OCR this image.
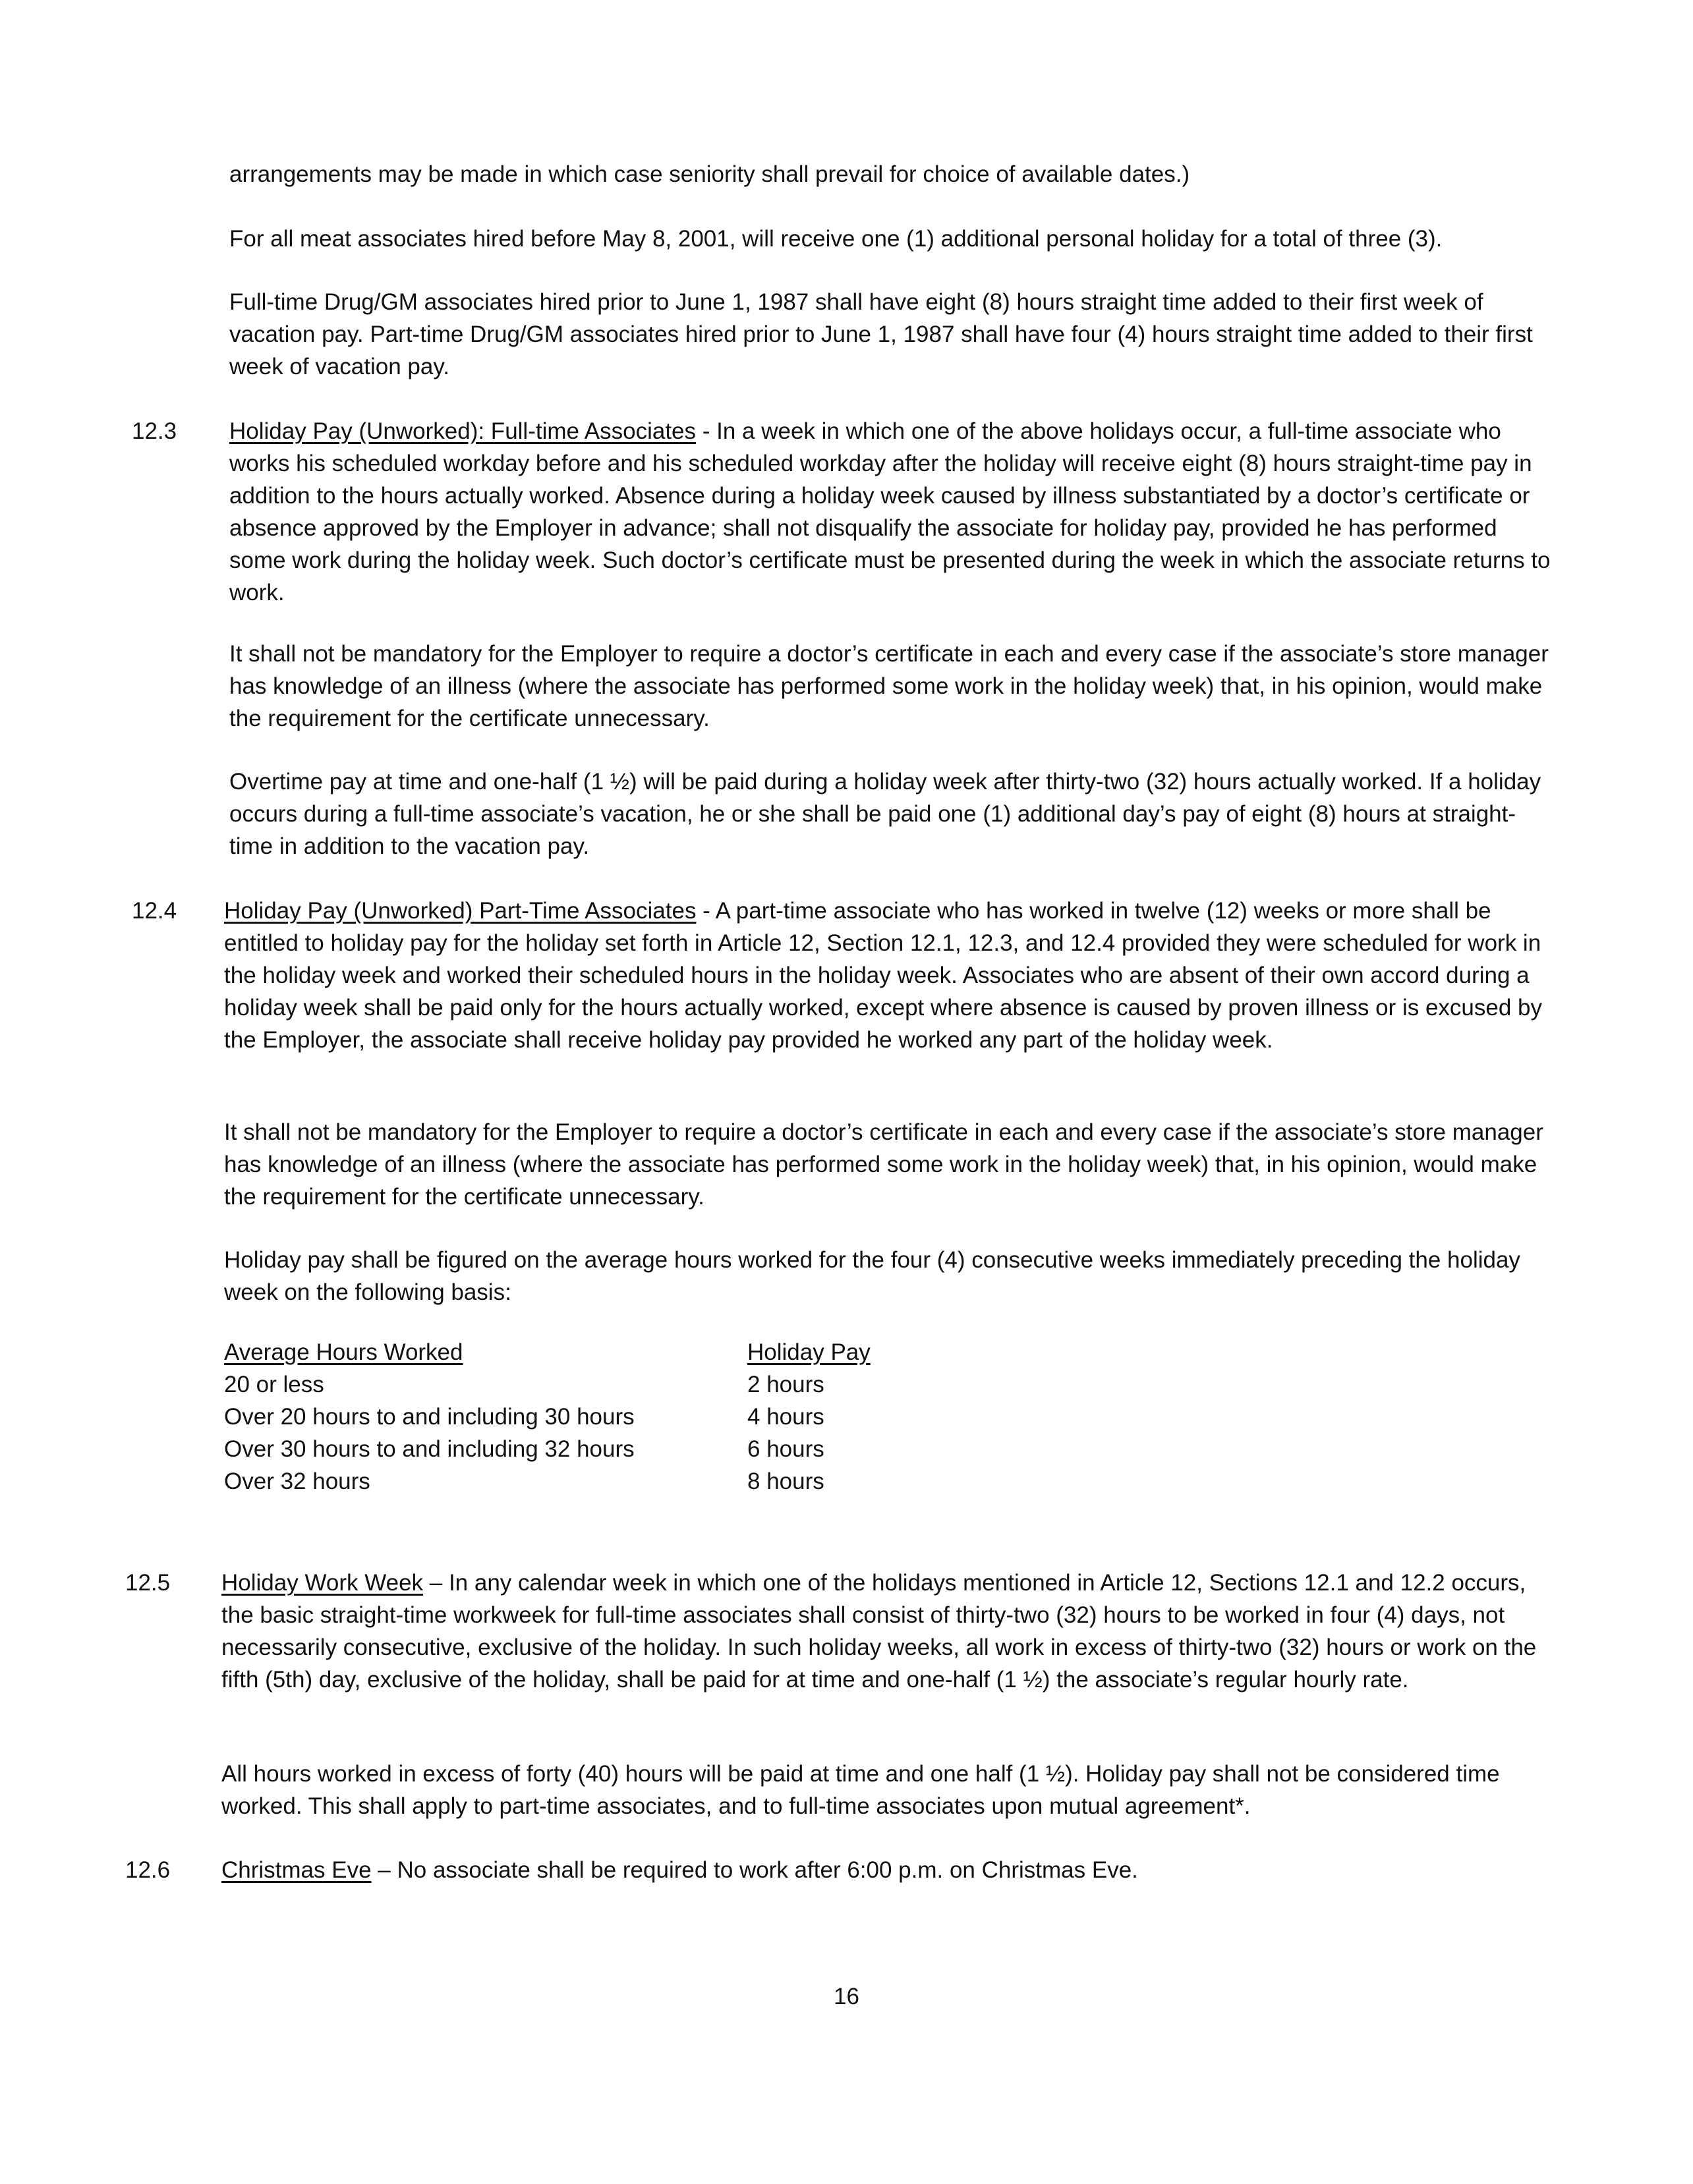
arrangements may be made in which case seniority shall prevail for choice of available dates.)

For all meat associates hired before May 8, 2001, will receive one (1) additional personal holiday for a total of three (3).

Full-time Drug/GM associates hired prior to June 1, 1987 shall have eight (8) hours straight time added to their first week of vacation pay. Part-time Drug/GM associates hired prior to June 1, 1987 shall have four (4) hours straight time added to their first week of vacation pay.

12.3 Holiday Pay (Unworked): Full-time Associates - In a week in which one of the above holidays occur, a full-time associate who works his scheduled workday before and his scheduled workday after the holiday will receive eight (8) hours straight-time pay in addition to the hours actually worked. Absence during a holiday week caused by illness substantiated by a doctor’s certificate or absence approved by the Employer in advance; shall not disqualify the associate for holiday pay, provided he has performed some work during the holiday week. Such doctor’s certificate must be presented during the week in which the associate returns to work.

It shall not be mandatory for the Employer to require a doctor’s certificate in each and every case if the associate’s store manager has knowledge of an illness (where the associate has performed some work in the holiday week) that, in his opinion, would make the requirement for the certificate unnecessary.

Overtime pay at time and one-half (1 ½) will be paid during a holiday week after thirty-two (32) hours actually worked. If a holiday occurs during a full-time associate’s vacation, he or she shall be paid one (1) additional day’s pay of eight (8) hours at straight-time in addition to the vacation pay.

12.4 Holiday Pay (Unworked) Part-Time Associates - A part-time associate who has worked in twelve (12) weeks or more shall be entitled to holiday pay for the holiday set forth in Article 12, Section 12.1, 12.3, and 12.4 provided they were scheduled for work in the holiday week and worked their scheduled hours in the holiday week. Associates who are absent of their own accord during a holiday week shall be paid only for the hours actually worked, except where absence is caused by proven illness or is excused by the Employer, the associate shall receive holiday pay provided he worked any part of the holiday week.

It shall not be mandatory for the Employer to require a doctor’s certificate in each and every case if the associate’s store manager has knowledge of an illness (where the associate has performed some work in the holiday week) that, in his opinion, would make the requirement for the certificate unnecessary.

Holiday pay shall be figured on the average hours worked for the four (4) consecutive weeks immediately preceding the holiday week on the following basis:

Average Hours Worked	Holiday Pay
20 or less	2 hours
Over 20 hours to and including 30 hours	4 hours
Over 30 hours to and including 32 hours	6 hours
Over 32 hours	8 hours
12.5 Holiday Work Week – In any calendar week in which one of the holidays mentioned in Article 12, Sections 12.1 and 12.2 occurs, the basic straight-time workweek for full-time associates shall consist of thirty-two (32) hours to be worked in four (4) days, not necessarily consecutive, exclusive of the holiday. In such holiday weeks, all work in excess of thirty-two (32) hours or work on the fifth (5th) day, exclusive of the holiday, shall be paid for at time and one-half (1 ½) the associate’s regular hourly rate.

All hours worked in excess of forty (40) hours will be paid at time and one half (1 ½). Holiday pay shall not be considered time worked. This shall apply to part-time associates, and to full-time associates upon mutual agreement*.

12.6 Christmas Eve – No associate shall be required to work after 6:00 p.m. on Christmas Eve.

16
